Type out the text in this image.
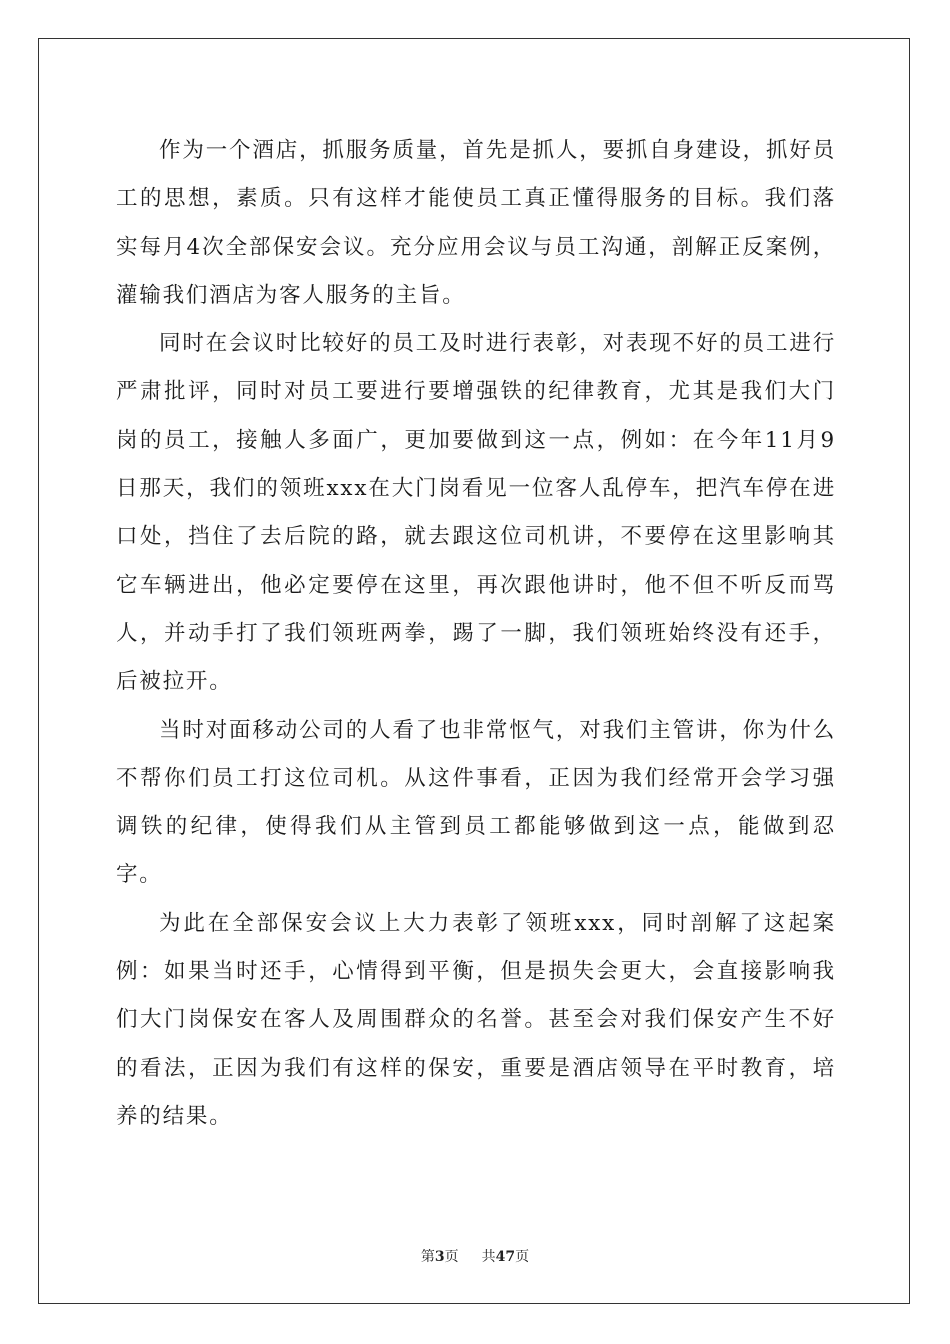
作为一个酒店，抓服务质量，首先是抓人，要抓自身建设，抓好员工的思想，素质。只有这样才能使员工真正懂得服务的目标。我们落实每月4次全部保安会议。充分应用会议与员工沟通，剖解正反案例，灌输我们酒店为客人服务的主旨。

同时在会议时比较好的员工及时进行表彰，对表现不好的员工进行严肃批评，同时对员工要进行要增强铁的纪律教育，尤其是我们大门岗的员工，接触人多面广，更加要做到这一点，例如：在今年11月9日那天，我们的领班xxx在大门岗看见一位客人乱停车，把汽车停在进口处，挡住了去后院的路，就去跟这位司机讲，不要停在这里影响其它车辆进出，他必定要停在这里，再次跟他讲时，他不但不听反而骂人，并动手打了我们领班两拳，踢了一脚，我们领班始终没有还手，后被拉开。

当时对面移动公司的人看了也非常怄气，对我们主管讲，你为什么不帮你们员工打这位司机。从这件事看，正因为我们经常开会学习强调铁的纪律，使得我们从主管到员工都能够做到这一点，能做到忍字。

为此在全部保安会议上大力表彰了领班xxx，同时剖解了这起案例：如果当时还手，心情得到平衡，但是损失会更大，会直接影响我们大门岗保安在客人及周围群众的名誉。甚至会对我们保安产生不好的看法，正因为我们有这样的保安，重要是酒店领导在平时教育，培养的结果。

第3页 共47页
